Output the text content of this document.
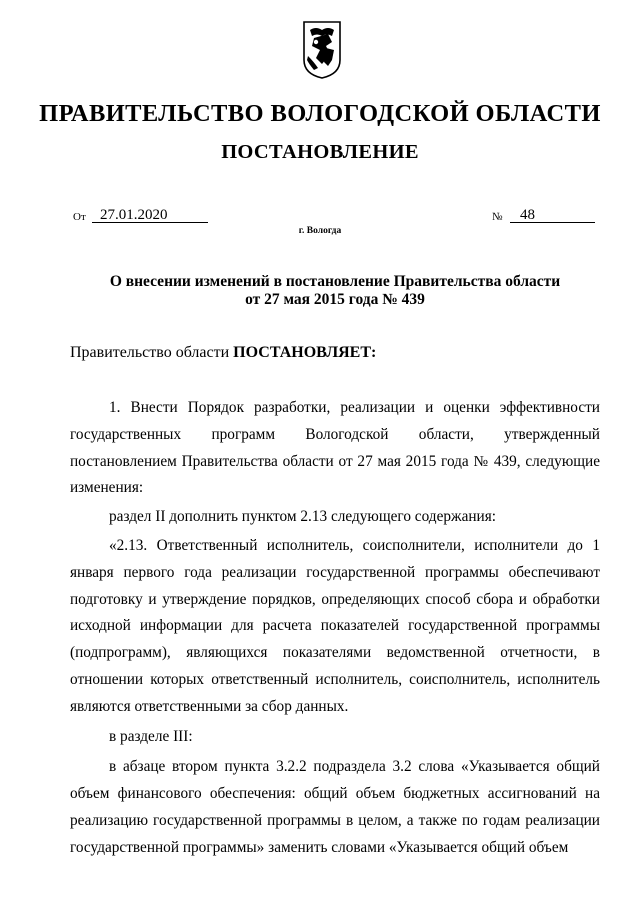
ПРАВИТЕЛЬСТВО ВОЛОГОДСКОЙ ОБЛАСТИ
ПОСТАНОВЛЕНИЕ
От 27.01.2020	№	48
г. Вологда
О внесении изменений в постановление Правительства области
от 27 мая 2015 года № 439
Правительство области ПОСТАНОВЛЯЕТ:

1. Внести Порядок разработки, реализации и оценки эффективности государственных программ Вологодской области, утвержденный постановлением Правительства области от 27 мая 2015 года № 439, следующие изменения:

раздел II дополнить пунктом 2.13 следующего содержания:

«2.13. Ответственный исполнитель, соисполнители, исполнители до 1 января первого года реализации государственной программы обеспечивают подготовку и утверждение порядков, определяющих способ сбора и обработки исходной информации для расчета показателей государственной программы (подпрограмм), являющихся показателями ведомственной отчетности, в отношении которых ответственный исполнитель, соисполнитель, исполнитель являются ответственными за сбор данных.

в разделе III:

в абзаце втором пункта 3.2.2 подраздела 3.2 слова «Указывается общий объем финансового обеспечения: общий объем бюджетных ассигнований на реализацию государственной программы в целом, а также по годам реализации государственной программы» заменить словами «Указывается общий объем
